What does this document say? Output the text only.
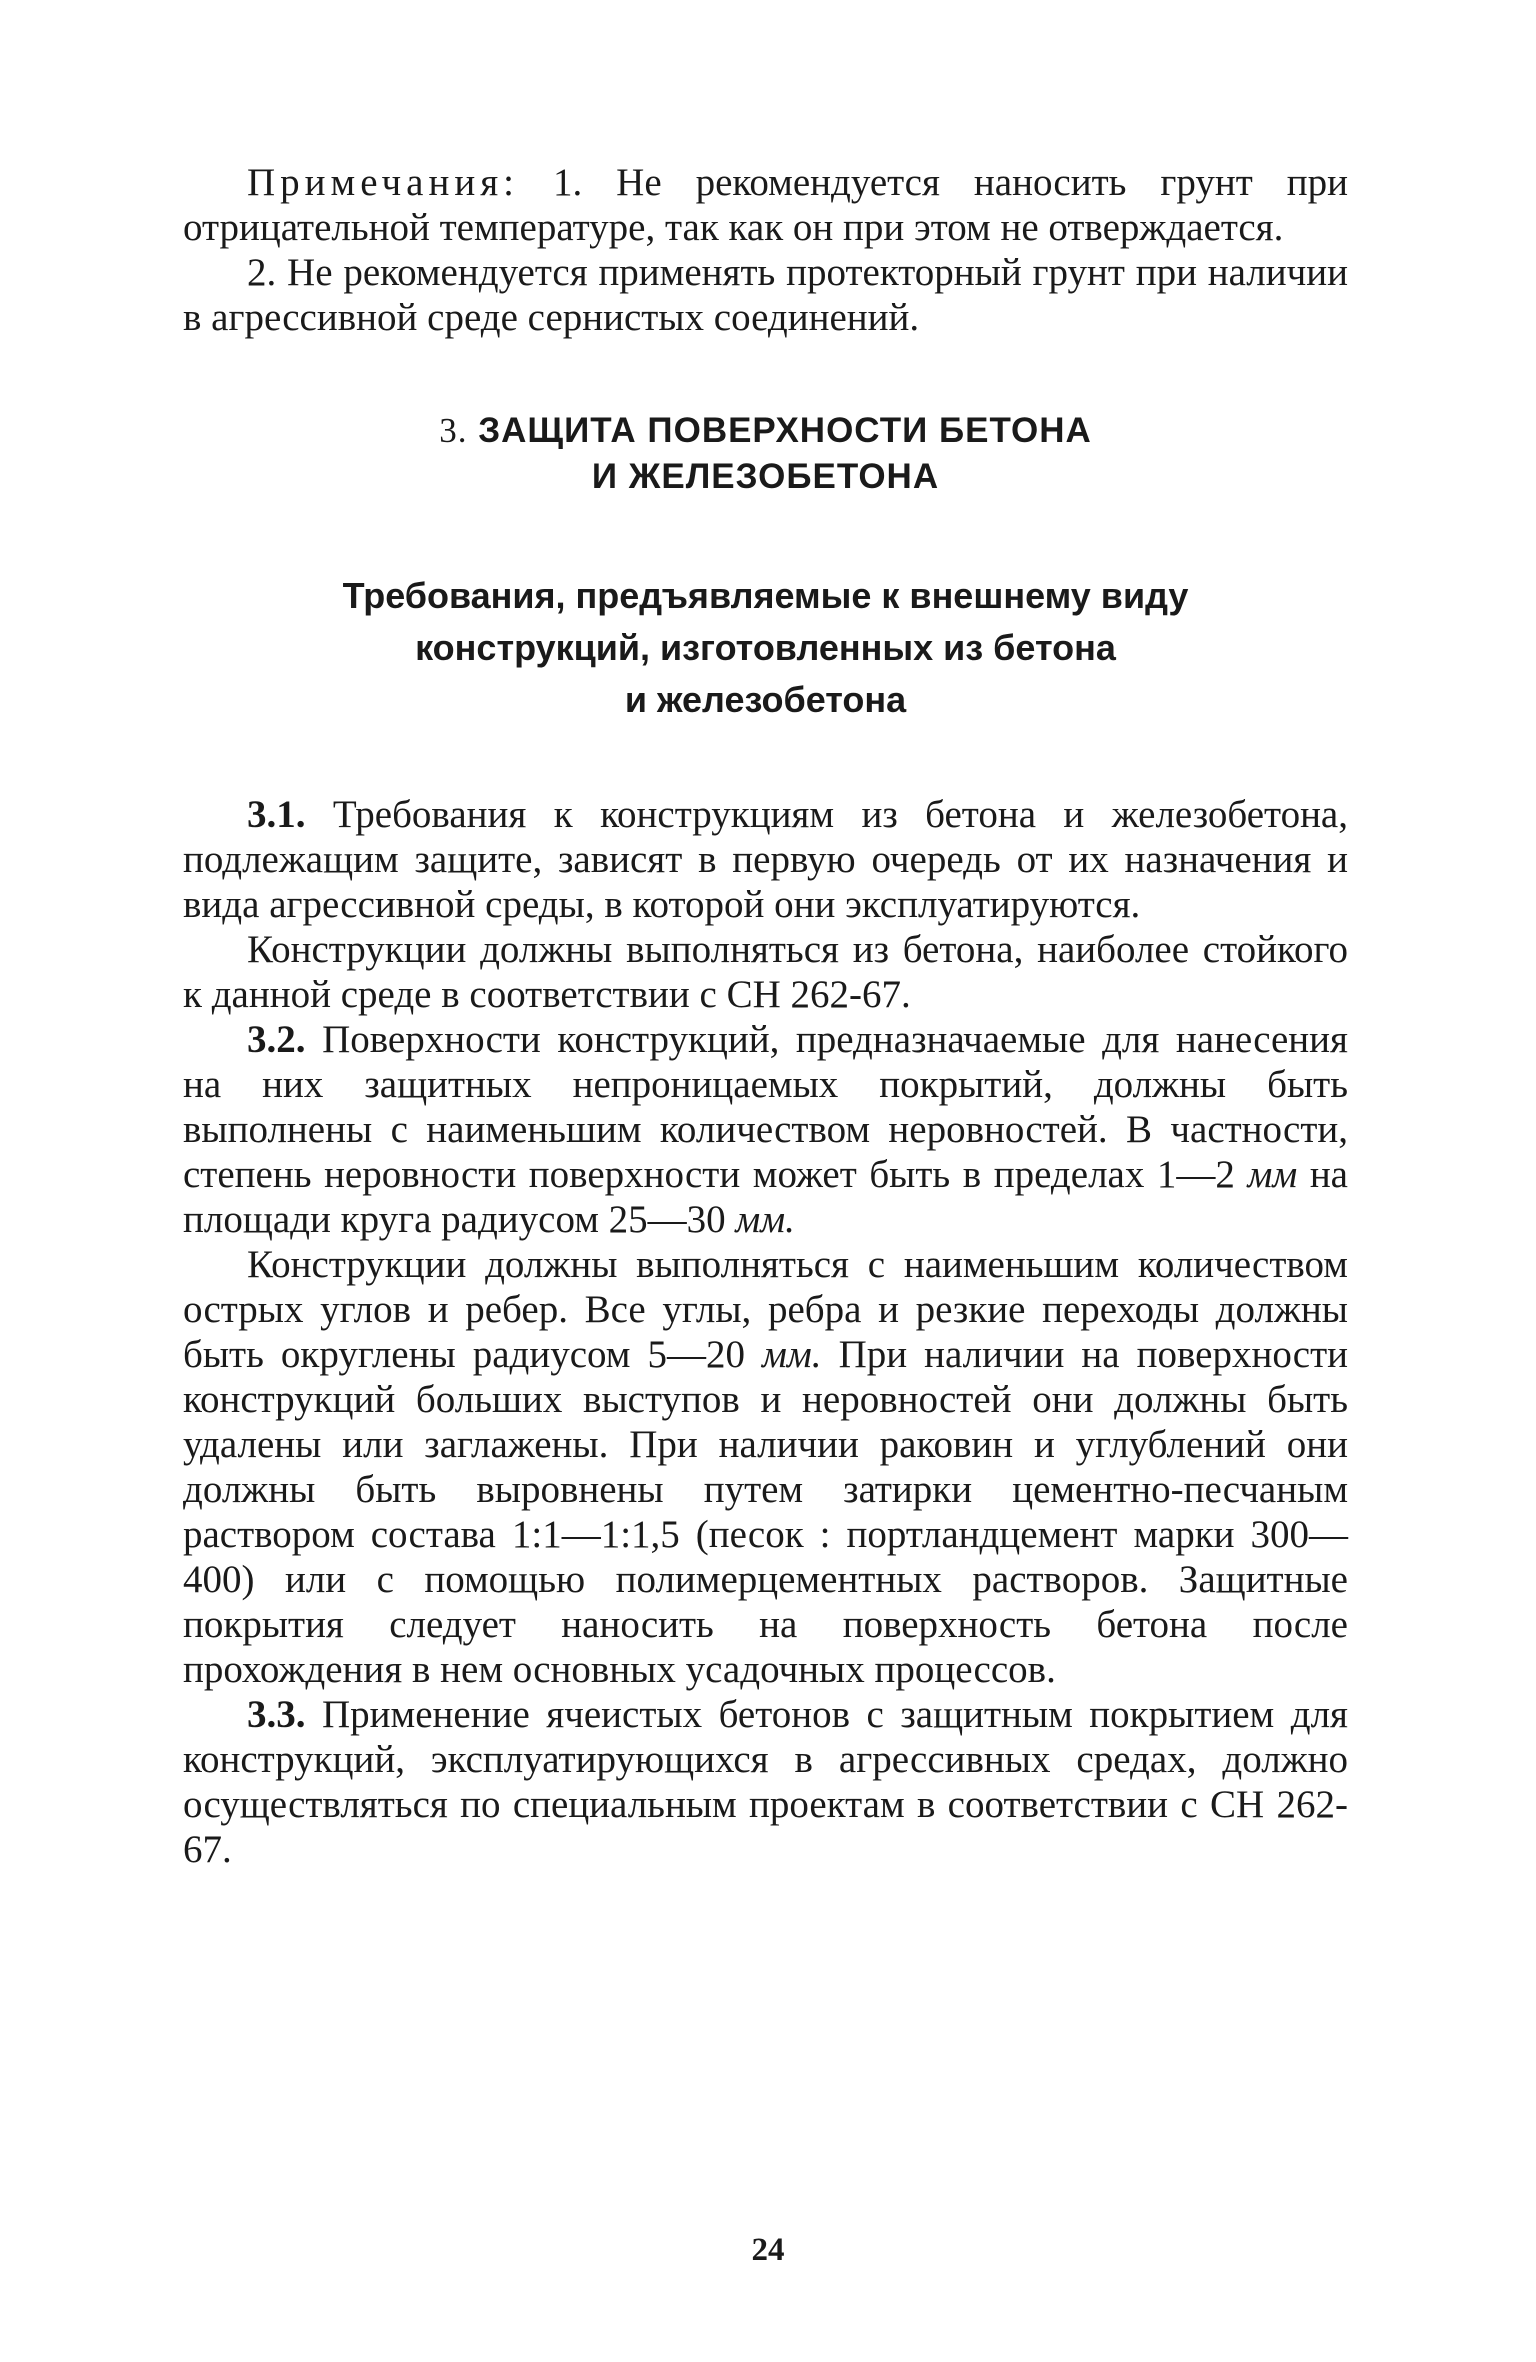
Примечания: 1. Не рекомендуется наносить грунт при отрицательной температуре, так как он при этом не отверждается.

2. Не рекомендуется применять протекторный грунт при наличии в агрессивной среде сернистых соединений.

3. ЗАЩИТА ПОВЕРХНОСТИ БЕТОНА
И ЖЕЛЕЗОБЕТОНА
Требования, предъявляемые к внешнему виду
конструкций, изготовленных из бетона
и железобетона

3.1. Требования к конструкциям из бетона и железобетона, подлежащим защите, зависят в первую очередь от их назначения и вида агрессивной среды, в которой они эксплуатируются.

Конструкции должны выполняться из бетона, наиболее стойкого к данной среде в соответствии с СН 262-67.

3.2. Поверхности конструкций, предназначаемые для нанесения на них защитных непроницаемых покрытий, должны быть выполнены с наименьшим количеством неровностей. В частности, степень неровности поверхности может быть в пределах 1—2 мм на площади круга радиусом 25—30 мм.

Конструкции должны выполняться с наименьшим количеством острых углов и ребер. Все углы, ребра и резкие переходы должны быть округлены радиусом 5—20 мм. При наличии на поверхности конструкций больших выступов и неровностей они должны быть удалены или заглажены. При наличии раковин и углублений они должны быть выровнены путем затирки цементно-песчаным раствором состава 1:1—1:1,5 (песок : портландцемент марки 300—400) или с помощью полимерцементных растворов. Защитные покрытия следует наносить на поверхность бетона после прохождения в нем основных усадочных процессов.

3.3. Применение ячеистых бетонов с защитным покрытием для конструкций, эксплуатирующихся в агрессивных средах, должно осуществляться по специальным проектам в соответствии с СН 262-67.

24
